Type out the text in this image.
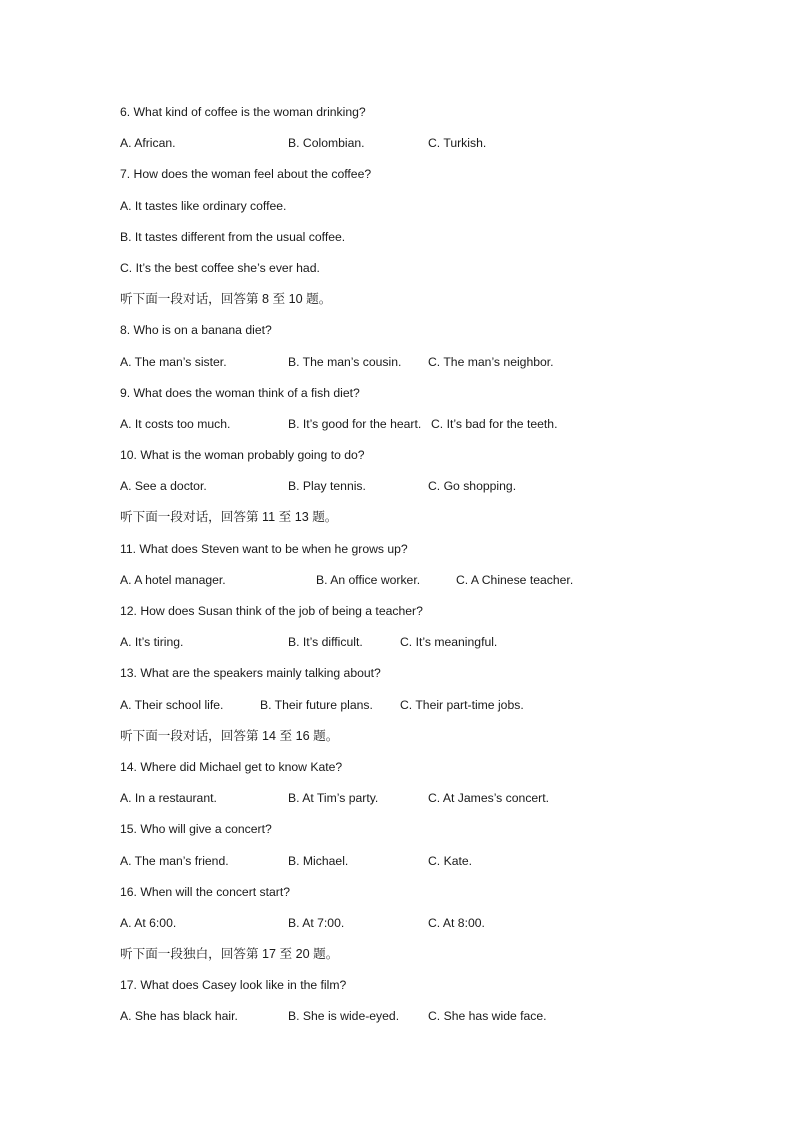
6. What kind of coffee is the woman drinking?
A. African.	B. Colombian.	C. Turkish.
7. How does the woman feel about the coffee?
A. It tastes like ordinary coffee.
B. It tastes different from the usual coffee.
C. It’s the best coffee she’s ever had.
听下面一段对话，回答第 8 至 10 题。
8. Who is on a banana diet?
A. The man’s sister.	B. The man’s cousin. C. The man’s neighbor.
9. What does the woman think of a fish diet?
A. It costs too much.	B. It’s good for the heart. C. It’s bad for the teeth.
10. What is the woman probably going to do?
A. See a doctor.	B. Play tennis.	C. Go shopping.
听下面一段对话，回答第 11 至 13 题。
11. What does Steven want to be when he grows up?
A. A hotel manager.	B. An office worker.	C. A Chinese teacher.
12. How does Susan think of the job of being a teacher?
A. It’s tiring.	B. It’s difficult.	C. It’s meaningful.
13. What are the speakers mainly talking about?
A. Their school life.	B. Their future plans. C. Their part-time jobs.
听下面一段对话，回答第 14 至 16 题。
14. Where did Michael get to know Kate?
A. In a restaurant.	B. At Tim’s party.	C. At James’s concert.
15. Who will give a concert?
A. The man’s friend.	B. Michael.	C. Kate.
16. When will the concert start?
A. At 6:00.	B. At 7:00.	C. At 8:00.
听下面一段独白，回答第 17 至 20 题。
17. What does Casey look like in the film?
A. She has black hair.	B. She is wide-eyed. C. She has wide face.
